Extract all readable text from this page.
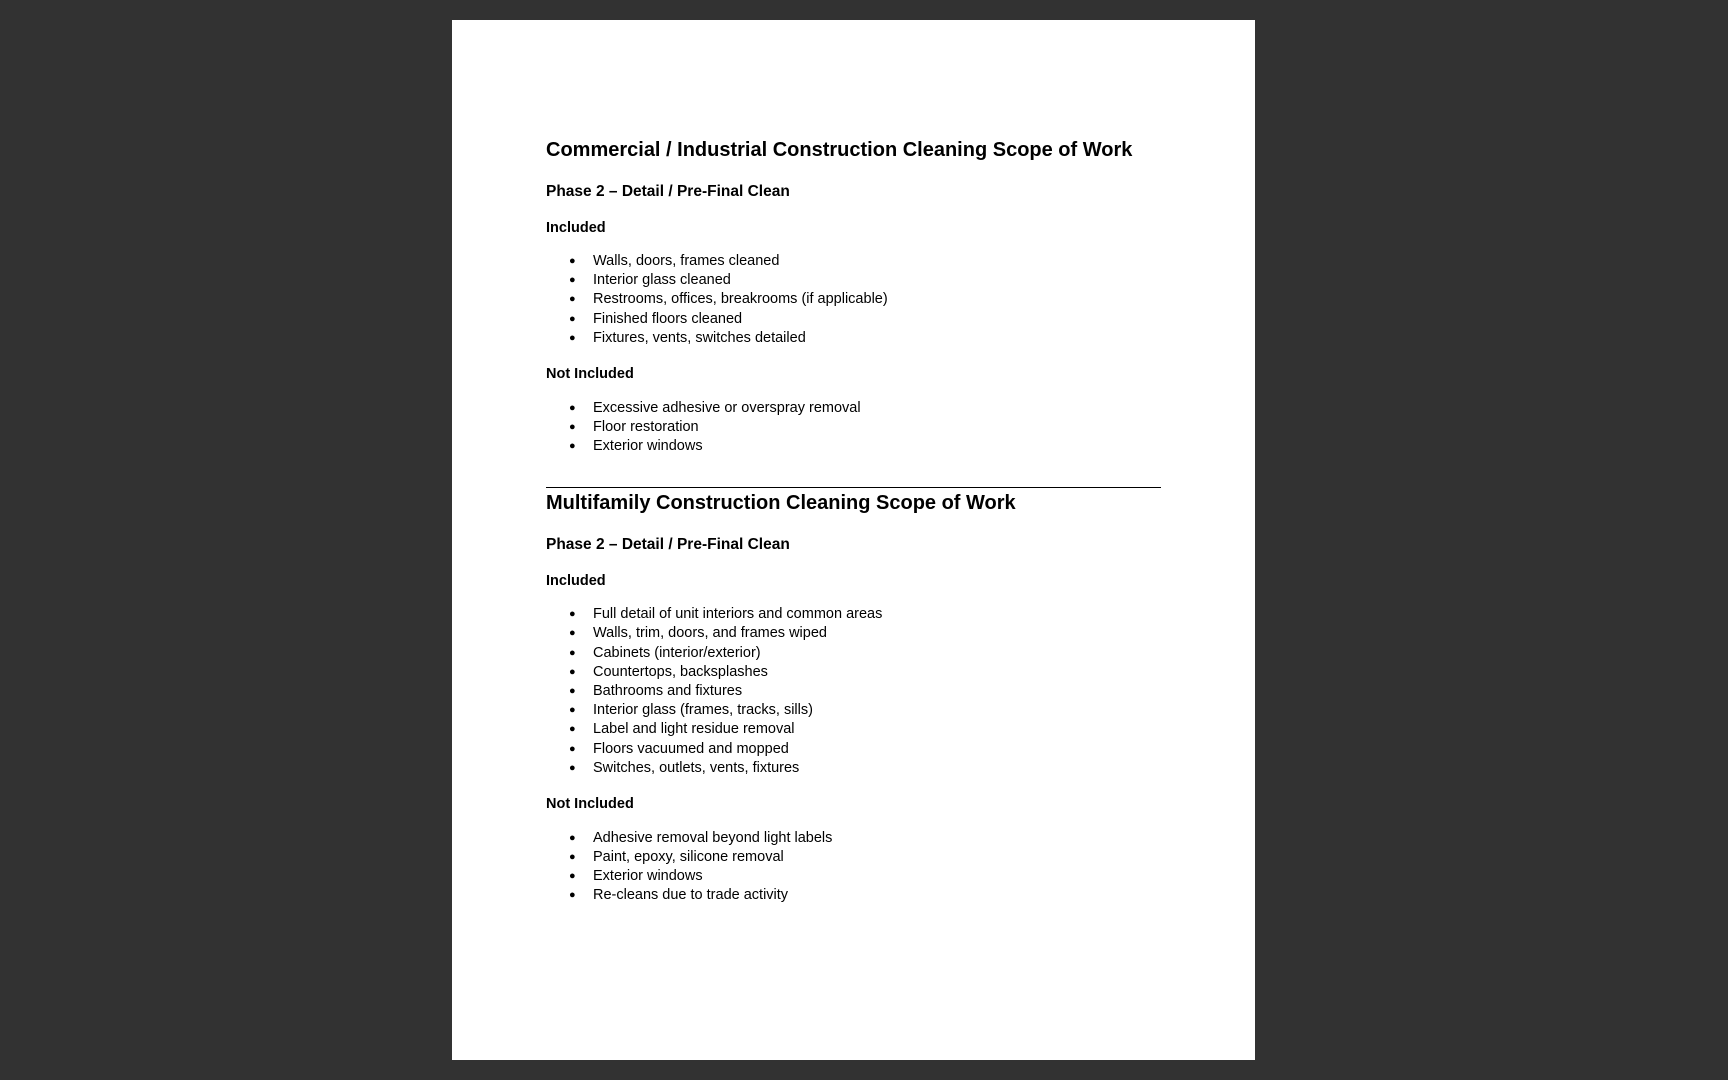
Commercial / Industrial Construction Cleaning Scope of Work
Phase 2 – Detail / Pre-Final Clean
Included
● Walls, doors, frames cleaned
● Interior glass cleaned
● Restrooms, offices, breakrooms (if applicable)
● Finished floors cleaned
● Fixtures, vents, switches detailed
Not Included
● Excessive adhesive or overspray removal
● Floor restoration
● Exterior windows
Multifamily Construction Cleaning Scope of Work
Phase 2 – Detail / Pre-Final Clean
Included
● Full detail of unit interiors and common areas
● Walls, trim, doors, and frames wiped
● Cabinets (interior/exterior)
● Countertops, backsplashes
● Bathrooms and fixtures
● Interior glass (frames, tracks, sills)
● Label and light residue removal
● Floors vacuumed and mopped
● Switches, outlets, vents, fixtures
Not Included
● Adhesive removal beyond light labels
● Paint, epoxy, silicone removal
● Exterior windows
● Re-cleans due to trade activity
